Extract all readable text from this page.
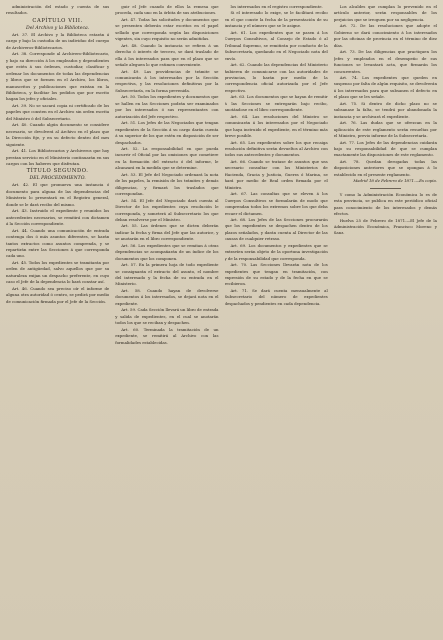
administración del estado y cuenta de sus resultados.

CAPÍTULO VIII.

Del Archivo y la Biblioteca.

Art. 37. El Archivo y la Biblioteca estarán á cargo y bajo la custodia de un individuo del cuerpo de Archiveros-Bibliotecarios.

Art. 38. Corresponde al Archivero-Bibliotecario, y bajo su dirección á los empleados y dependientes que estén á sus órdenes, custodiar, clasificar y ordenar los documentos de todas las dependencias y libros que se formen en el Archivo, los libros, manuscritos y publicaciones que existan en la Biblioteca, y facilitar los pedidos que por escrito hagan los jefes y oficiales.

Art. 39. No se sacará copia ni certificado de los papeles que consten en el Archivo sin orden escrita del Ministro ó del Subsecretario.

Art. 40. Cuando algún documento se considere necesario, se devolverá al Archivo en el plazo que la Dirección fije, y en su defecto dentro del mes siguiente.

Art. 41. Los Bibliotecarios y Archiveros que hoy prestan servicio en el Ministerio continuarán en sus cargos con los haberes que disfrutan.

TÍTULO SEGUNDO.

DEL PROCEDIMIENTO.

Art. 42. El que promueva una instancia ó documento para alguna de las dependencias del Ministerio lo presentará en el Registro general, donde se le dará recibo del mismo.

Art. 43. Instruido el expediente y reunidos los antecedentes necesarios, se remitirá con dictamen á la Sección correspondiente.

Art. 44. Cuando una comunicación de entrada contenga dos ó más asuntos diferentes, se harán tantos extractos como asuntos comprenda, y se repartirán entre las Secciones á que corresponda cada uno.

Art. 45. Todos los expedientes se tramitarán por orden de antigüedad, salvo aquellos que por su naturaleza exijan un despacho preferente, en cuyo caso el Jefe de la dependencia lo hará constar así.

Art. 46. Cuando sea preciso oír el informe de alguna otra autoridad ó centro, se pedirá por medio de comunicación firmada por el Jefe de la Sección.

guir el Jefe cuando de ellos la remesa que proceda, cada uno en la órbita de sus atribuciones.

Art. 47. Todas las solicitudes y documentos que se presenten deberán estar escritos en el papel sellado que corresponda según las disposiciones vigentes, sin cuyo requisito no serán admitidas.

Art. 48. Cuando la instancia se refiera á un derecho ó interés de tercero, se dará traslado de ella á los interesados para que en el plazo que se señale aleguen lo que estimen conveniente.

Art. 49. Las providencias de trámite se comunicarán á los interesados por la Sección respectiva, y las resoluciones definitivas por la Subsecretaría, en la forma prevenida.

Art. 50. Todos los expedientes y documentos que se hallen en las Secciones podrán ser examinados por los interesados ó sus representantes con autorización del Jefe respectivo.

Art. 51. Los Jefes de las Negociados que tengan expedientes de la Sección á su cargo darán cuenta á su superior de los que estén en disposición de ser despachados.

Art. 52. La responsabilidad en que pueda incurrir el Oficial por las omisiones que cometiere en la formación del extracto ó del informe, le alcanzará en la medida que se determine.

Art. 53. El Jefe del Negociado ordenará la nota de los papeles, la remisión de los trámites y demás diligencias, y firmará los traslados que correspondan.

Art. 54. El Jefe del Negociado dará cuenta al Director de los expedientes cuya resolución le corresponda, y someterá al Subsecretario los que deban resolverse por el Ministro.

Art. 55. Las órdenes que se dicten deberán indicar la fecha y firma del Jefe que las autorice, y se anotarán en el libro correspondiente.

Art. 56. Los expedientes que se remitan á otras dependencias se acompañarán de un índice de los documentos que los componen.

Art. 57. En la primera hoja de todo expediente se consignarán el extracto del asunto, el nombre del interesado y la fecha de su entrada en el Ministerio.

Art. 58. Cuando hayan de devolverse documentos á los interesados, se dejará nota en el expediente.

Art. 59. Cada Sección llevará un libro de entrada y salida de expedientes, en el cual se anotarán todos los que se reciban y despachen.

Art. 60. Terminada la tramitación de un expediente, se remitirá al Archivo con las formalidades establecidas.

los interesados en el registro correspondiente.

Si el interesado lo exige, se le facilitará recibo en el que conste la fecha de la presentación de su instancia y el número que se le asigne.

Art. 61. Los expedientes que se pasen á los Cuerpos Consultivos, al Consejo de Estado ó al Tribunal Supremo, se remitirán por conducto de la Subsecretaría, quedando en el Negociado nota del envío.

Art. 62. Cuando las dependencias del Ministerio hubieren de comunicarse con las autoridades de provincias, lo harán por medio de la correspondencia oficial autorizada por el Jefe respectivo.

Art. 63. Los documentos que se hayan de remitir á las Secciones se entregarán bajo recibo, anotándose en el libro correspondiente.

Art. 64. Las resoluciones del Ministro se comunicarán á los interesados por el Negociado que haya instruido el expediente, en el término más breve posible.

Art. 65. Los expedientes sobre los que recaiga resolución definitiva serán devueltos al Archivo con todos sus antecedentes y documentos.

Art. 66. Cuando se tratase de asuntos que sea necesario consultar con los Ministerios de Hacienda, Gracia y Justicia, Guerra ó Marina, se hará por medio de Real orden firmada por el Ministro.

Art. 67. Las consultas que se eleven á los Cuerpos Consultivos se formularán de modo que comprendan todos los extremos sobre los que deba recaer el dictamen.

Art. 68. Los Jefes de las Secciones procurarán que los expedientes se despachen dentro de los plazos señalados, y darán cuenta al Director de las causas de cualquier retraso.

Art. 69. Los documentos y expedientes que se extravíen serán objeto de la oportuna investigación y de la responsabilidad que corresponda.

Art. 70. Las Secciones llevarán nota de los expedientes que tengan en tramitación, con expresión de su estado y de la fecha en que se recibieron.

Art. 71. Se dará cuenta mensualmente al Subsecretario del número de expedientes despachados y pendientes en cada dependencia.

Los alcaldes que cumplan lo prevenido en el artículo anterior, serán responsables de los perjuicios que se irroguen por su negligencia.

Art. 72. De las resoluciones que adopte el Gobierno se dará conocimiento á los interesados por las oficinas de provincia en el término de diez días.

Art. 73. De las diligencias que practiquen los Jefes y empleados en el desempeño de sus funciones se levantará acta, que firmarán los concurrentes.

Art. 74. Los expedientes que queden en suspenso por falta de algún requisito, se devolverán á los interesados para que subsanen el defecto en el plazo que se les señale.

Art. 75. Si dentro de dicho plazo no se subsanase la falta, se tendrá por abandonada la instancia y se archivará el expediente.

Art. 76. Las dudas que se ofrezcan en la aplicación de este reglamento serán resueltas por el Ministro, previo informe de la Subsecretaría.

Art. 77. Los Jefes de las dependencias cuidarán bajo su responsabilidad de que se cumplan exactamente las disposiciones de este reglamento.

Art. 78. Quedan derogadas todas las disposiciones anteriores que se opongan á lo establecido en el presente reglamento.

Madrid 18 de Febrero de 1871.—Es copia.

Y como la Administración Económica lo es de esta provincia, se publica en este periódico oficial para conocimiento de los interesados y demás efectos.

Huelva 25 de Febrero de 1871.—El Jefe de la Administración Económica, Francisco Moreno y Sanz.
